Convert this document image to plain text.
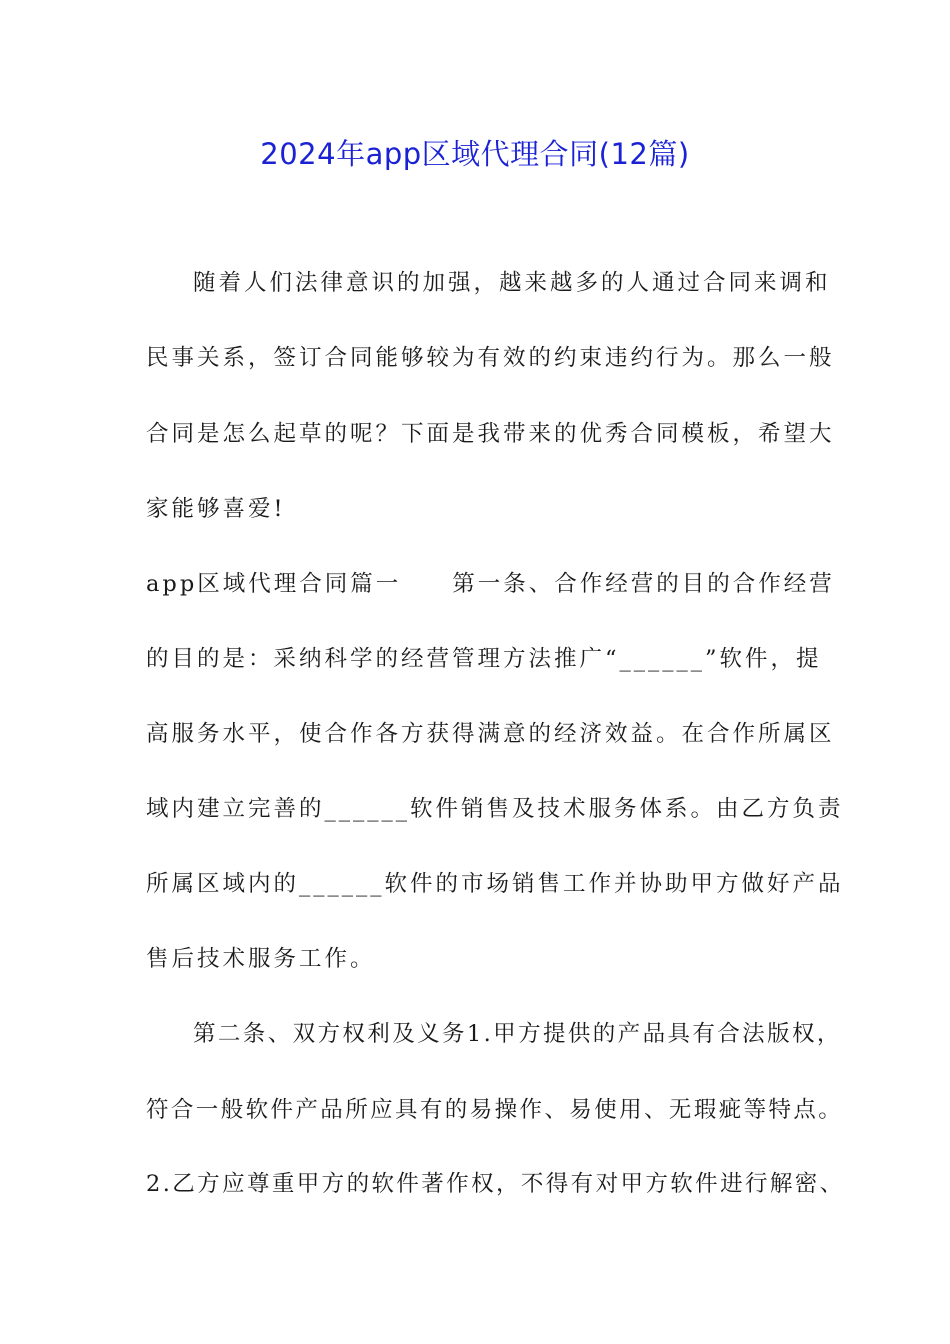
2024年app区域代理合同(12篇)

随着人们法律意识的加强，越来越多的人通过合同来调和

民事关系，签订合同能够较为有效的约束违约行为。那么一般

合同是怎么起草的呢？下面是我带来的优秀合同模板，希望大

家能够喜爱!

app区域代理合同篇一　　第一条、合作经营的目的合作经营

的目的是：采纳科学的经营管理方法推广“______”软件，提

高服务水平，使合作各方获得满意的经济效益。在合作所属区

域内建立完善的______软件销售及技术服务体系。由乙方负责

所属区域内的______软件的市场销售工作并协助甲方做好产品

售后技术服务工作。

第二条、双方权利及义务1.甲方提供的产品具有合法版权，

符合一般软件产品所应具有的易操作、易使用、无瑕疵等特点。

2.乙方应尊重甲方的软件著作权，不得有对甲方软件进行解密、
